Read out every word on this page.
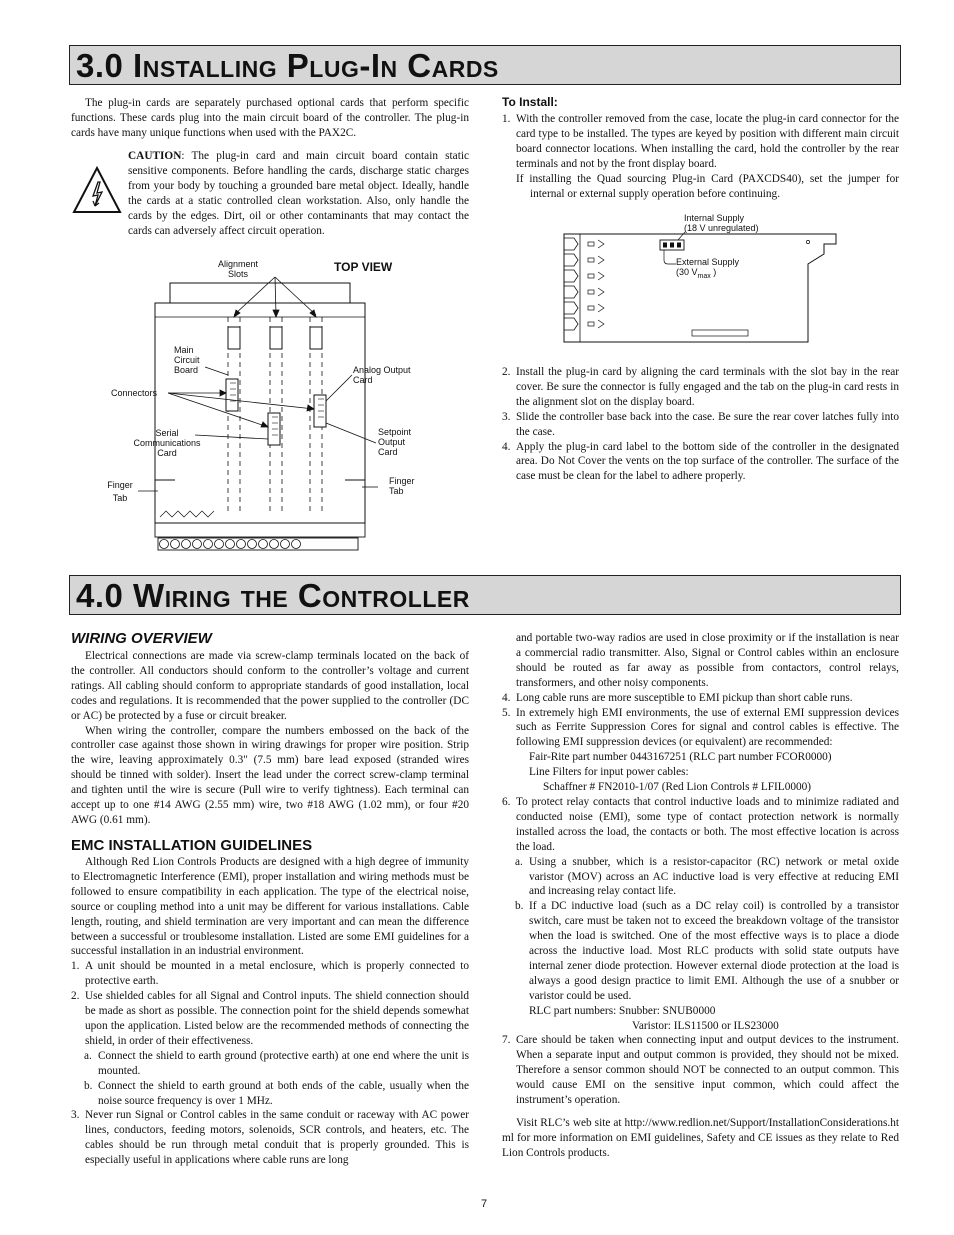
3.0 Installing Plug-In Cards
The plug-in cards are separately purchased optional cards that perform specific functions. These cards plug into the main circuit board of the controller. The plug-in cards have many unique functions when used with the PAX2C.
CAUTION: The plug-in card and main circuit board contain static sensitive components. Before handling the cards, discharge static charges from your body by touching a grounded bare metal object. Ideally, handle the cards at a static controlled clean workstation. Also, only handle the cards by the edges. Dirt, oil or other contaminants that may contact the cards can adversely affect circuit operation.
Alignment
Slots	TOP VIEW
Main
Circuit
Board
Connectors
Analog Output
Card
Serial
Communications
Card
Setpoint
Output
Card
Finger
Tab
Finger
Tab
To Install:
1. With the controller removed from the case, locate the plug-in card connector for the card type to be installed. The types are keyed by position with different main circuit board connector locations. When installing the card, hold the controller by the rear terminals and not by the front display board.
If installing the Quad sourcing Plug-in Card (PAXCDS40), set the jumper for internal or external supply operation before continuing.
Internal Supply
(18 V unregulated)
External Supply
(30 $V_{max}$ )
2. Install the plug-in card by aligning the card terminals with the slot bay in the rear cover. Be sure the connector is fully engaged and the tab on the plug-in card rests in the alignment slot on the display board.
3. Slide the controller base back into the case. Be sure the rear cover latches fully into the case.
4. Apply the plug-in card label to the bottom side of the controller in the designated area. Do Not Cover the vents on the top surface of the controller. The surface of the case must be clean for the label to adhere properly.
4.0 Wiring the Controller
WIRING OVERVIEW
Electrical connections are made via screw-clamp terminals located on the back of the controller. All conductors should conform to the controller’s voltage and current ratings. All cabling should conform to appropriate standards of good installation, local codes and regulations. It is recommended that the power supplied to the controller (DC or AC) be protected by a fuse or circuit breaker.
When wiring the controller, compare the numbers embossed on the back of the controller case against those shown in wiring drawings for proper wire position. Strip the wire, leaving approximately 0.3" (7.5 mm) bare lead exposed (stranded wires should be tinned with solder). Insert the lead under the correct screw-clamp terminal and tighten until the wire is secure (Pull wire to verify tightness). Each terminal can accept up to one #14 AWG (2.55 mm) wire, two #18 AWG (1.02 mm), or four #20 AWG (0.61 mm).
EMC INSTALLATION GUIDELINES
Although Red Lion Controls Products are designed with a high degree of immunity to Electromagnetic Interference (EMI), proper installation and wiring methods must be followed to ensure compatibility in each application. The type of the electrical noise, source or coupling method into a unit may be different for various installations. Cable length, routing, and shield termination are very important and can mean the difference between a successful or troublesome installation. Listed are some EMI guidelines for a successful installation in an industrial environment.
1. A unit should be mounted in a metal enclosure, which is properly connected to protective earth.
2. Use shielded cables for all Signal and Control inputs. The shield connection should be made as short as possible. The connection point for the shield depends somewhat upon the application. Listed below are the recommended methods of connecting the shield, in order of their effectiveness.
a. Connect the shield to earth ground (protective earth) at one end where the unit is mounted.
b. Connect the shield to earth ground at both ends of the cable, usually when the noise source frequency is over 1 MHz.
3. Never run Signal or Control cables in the same conduit or raceway with AC power lines, conductors, feeding motors, solenoids, SCR controls, and heaters, etc. The cables should be run through metal conduit that is properly grounded. This is especially useful in applications where cable runs are long
and portable two-way radios are used in close proximity or if the installation is near a commercial radio transmitter. Also, Signal or Control cables within an enclosure should be routed as far away as possible from contactors, control relays, transformers, and other noisy components.
4. Long cable runs are more susceptible to EMI pickup than short cable runs.
5. In extremely high EMI environments, the use of external EMI suppression devices such as Ferrite Suppression Cores for signal and control cables is effective. The following EMI suppression devices (or equivalent) are recommended:
Fair-Rite part number 0443167251 (RLC part number FCOR0000)
Line Filters for input power cables:
Schaffner # FN2010-1/07 (Red Lion Controls # LFIL0000)
6. To protect relay contacts that control inductive loads and to minimize radiated and conducted noise (EMI), some type of contact protection network is normally installed across the load, the contacts or both. The most effective location is across the load.
a. Using a snubber, which is a resistor-capacitor (RC) network or metal oxide varistor (MOV) across an AC inductive load is very effective at reducing EMI and increasing relay contact life.
b. If a DC inductive load (such as a DC relay coil) is controlled by a transistor switch, care must be taken not to exceed the breakdown voltage of the transistor when the load is switched. One of the most effective ways is to place a diode across the inductive load. Most RLC products with solid state outputs have internal zener diode protection. However external diode protection at the load is always a good design practice to limit EMI. Although the use of a snubber or varistor could be used.
RLC part numbers: Snubber: SNUB0000
Varistor: ILS11500 or ILS23000
7. Care should be taken when connecting input and output devices to the instrument. When a separate input and output common is provided, they should not be mixed. Therefore a sensor common should NOT be connected to an output common. This would cause EMI on the sensitive input common, which could affect the instrument’s operation.
Visit RLC’s web site at http://www.redlion.net/Support/InstallationConsiderations.html for more information on EMI guidelines, Safety and CE issues as they relate to Red Lion Controls products.
7
